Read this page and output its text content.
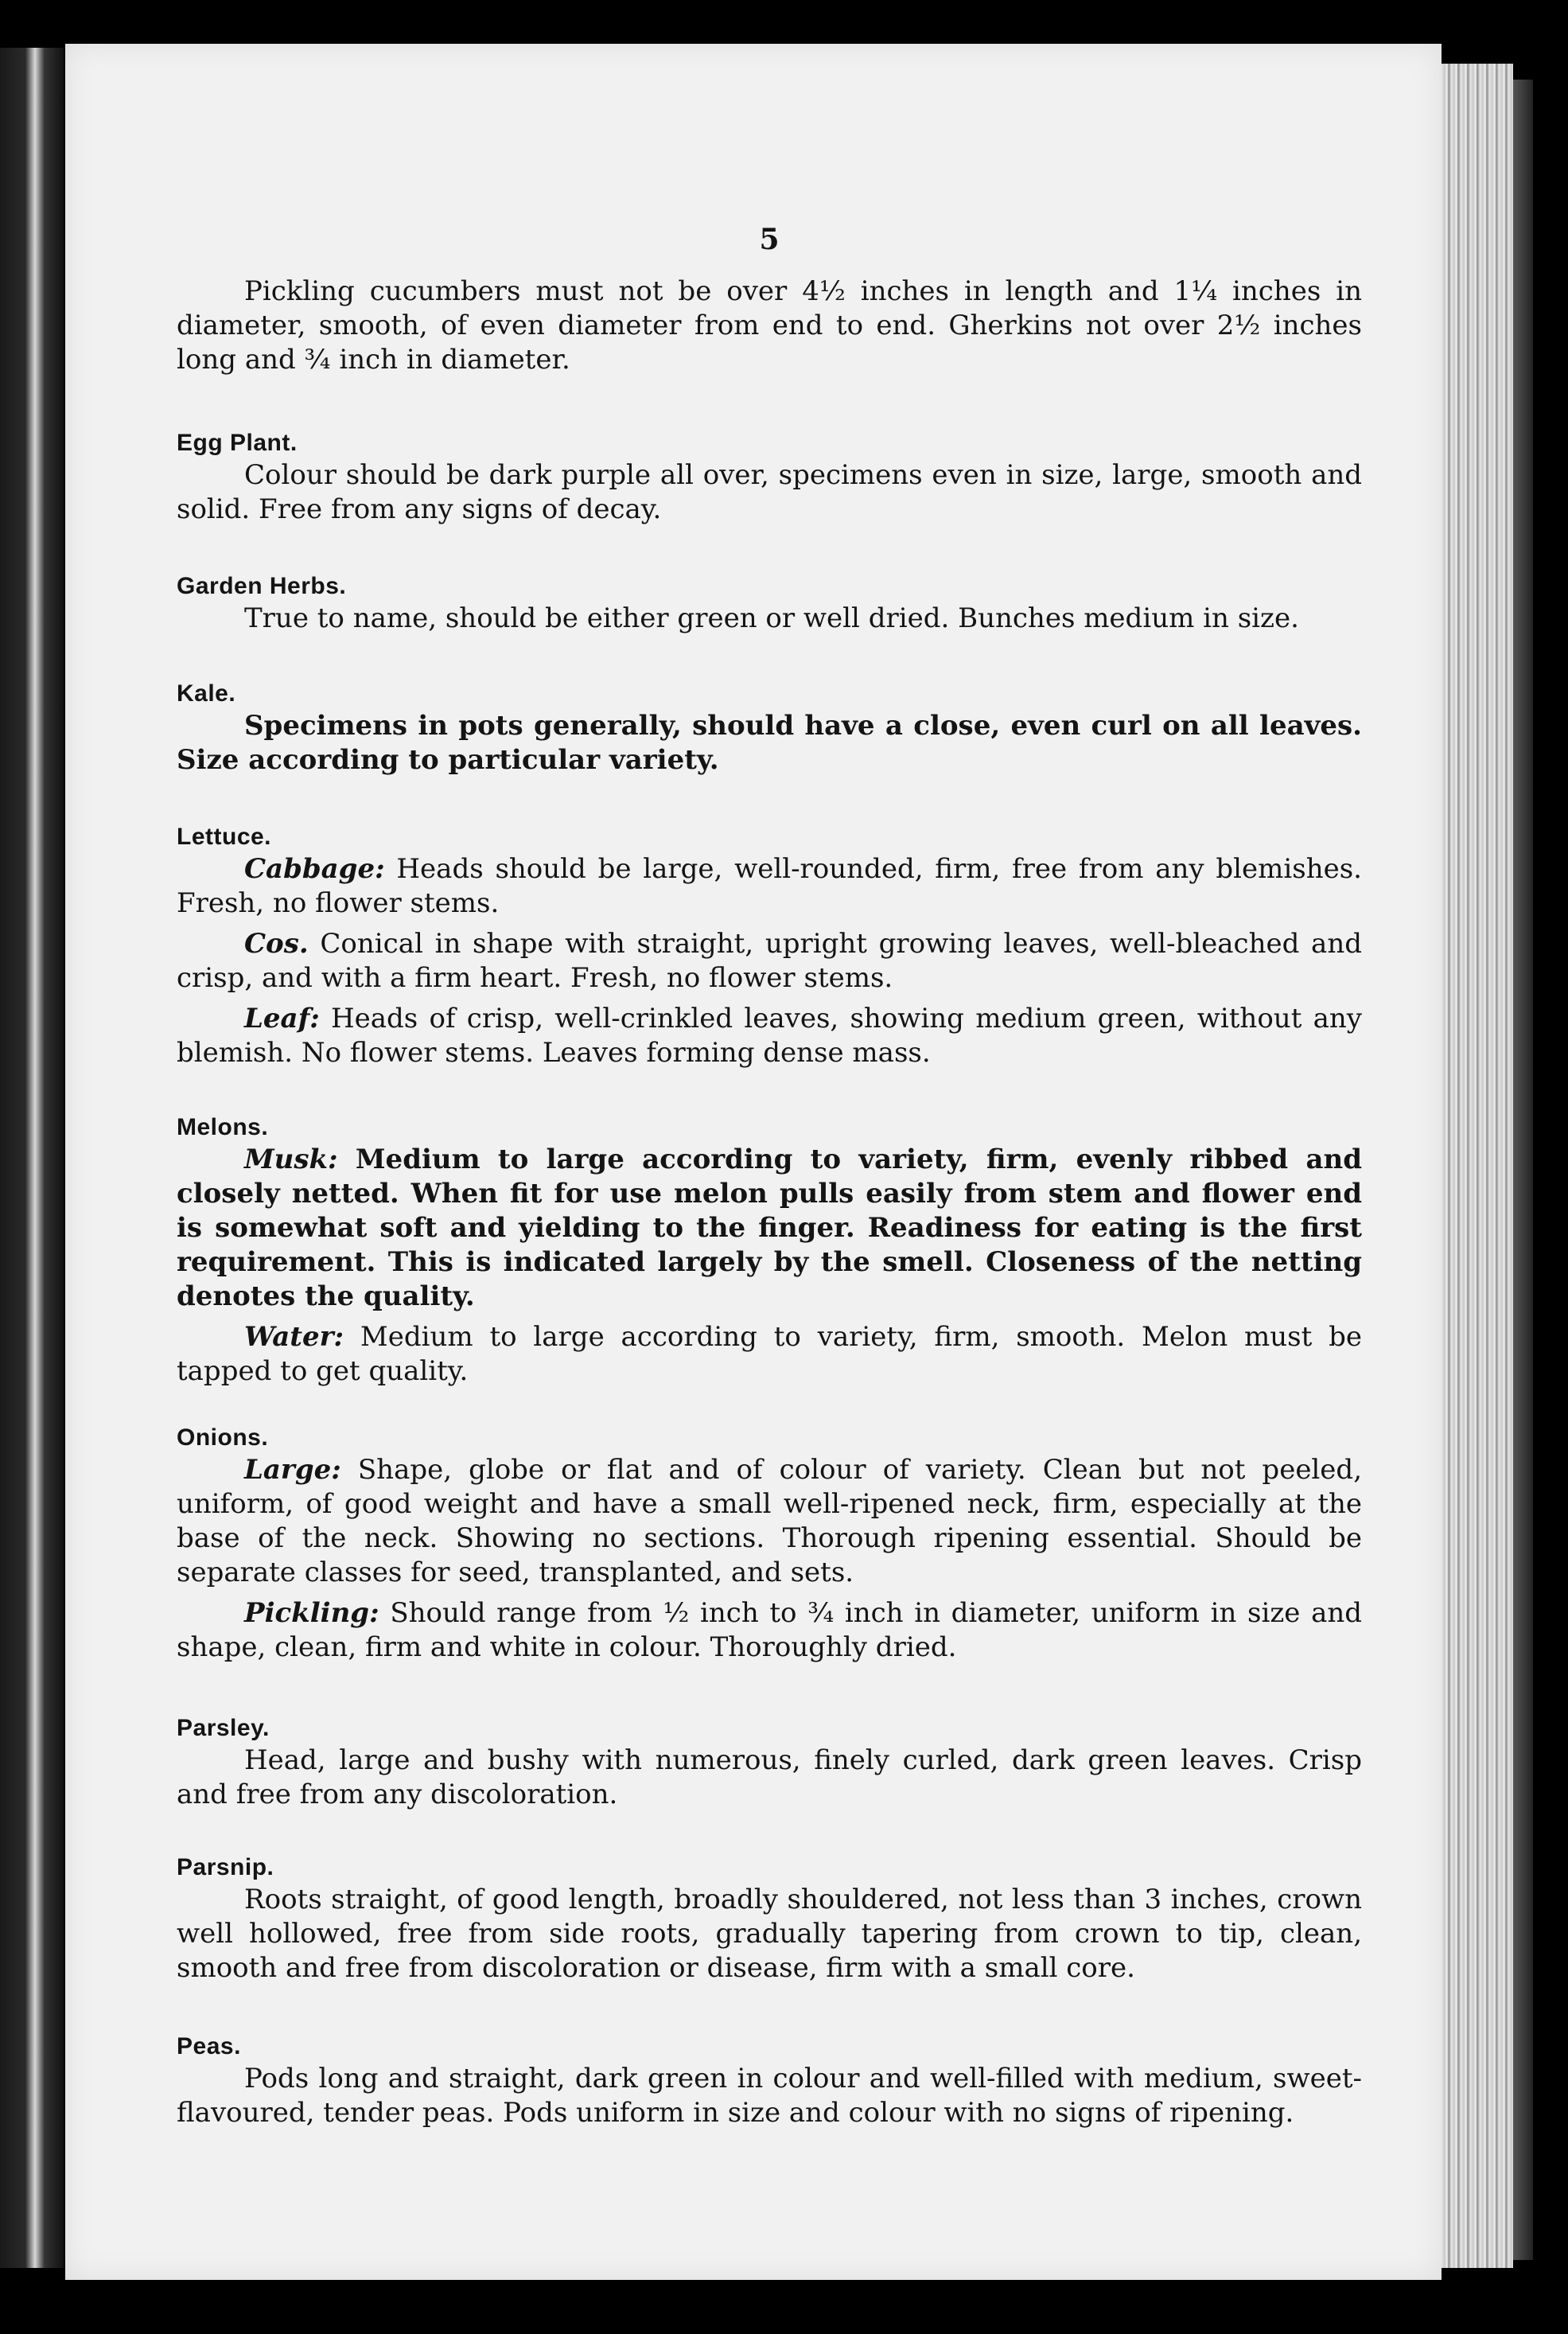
5

Pickling cucumbers must not be over 4½ inches in length and 1¼ inches in diameter, smooth, of even diameter from end to end. Gherkins not over 2½ inches long and ¾ inch in diameter.

Egg Plant.

Colour should be dark purple all over, specimens even in size, large, smooth and solid. Free from any signs of decay.

Garden Herbs.

True to name, should be either green or well dried. Bunches medium in size.

Kale.

Specimens in pots generally, should have a close, even curl on all leaves. Size according to particular variety.

Lettuce.

Cabbage: Heads should be large, well-rounded, firm, free from any blemishes. Fresh, no flower stems.

Cos. Conical in shape with straight, upright growing leaves, well-bleached and crisp, and with a firm heart. Fresh, no flower stems.

Leaf: Heads of crisp, well-crinkled leaves, showing medium green, without any blemish. No flower stems. Leaves forming dense mass.

Melons.

Musk: Medium to large according to variety, firm, evenly ribbed and closely netted. When fit for use melon pulls easily from stem and flower end is somewhat soft and yielding to the finger. Readiness for eating is the first requirement. This is indicated largely by the smell. Closeness of the netting denotes the quality.

Water: Medium to large according to variety, firm, smooth. Melon must be tapped to get quality.

Onions.

Large: Shape, globe or flat and of colour of variety. Clean but not peeled, uniform, of good weight and have a small well-ripened neck, firm, especially at the base of the neck. Showing no sections. Thorough ripening essential. Should be separate classes for seed, transplanted, and sets.

Pickling: Should range from ½ inch to ¾ inch in diameter, uniform in size and shape, clean, firm and white in colour. Thoroughly dried.

Parsley.

Head, large and bushy with numerous, finely curled, dark green leaves. Crisp and free from any discoloration.

Parsnip.

Roots straight, of good length, broadly shouldered, not less than 3 inches, crown well hollowed, free from side roots, gradually tapering from crown to tip, clean, smooth and free from discoloration or disease, firm with a small core.

Peas.

Pods long and straight, dark green in colour and well-filled with medium, sweet-flavoured, tender peas. Pods uniform in size and colour with no signs of ripening.
